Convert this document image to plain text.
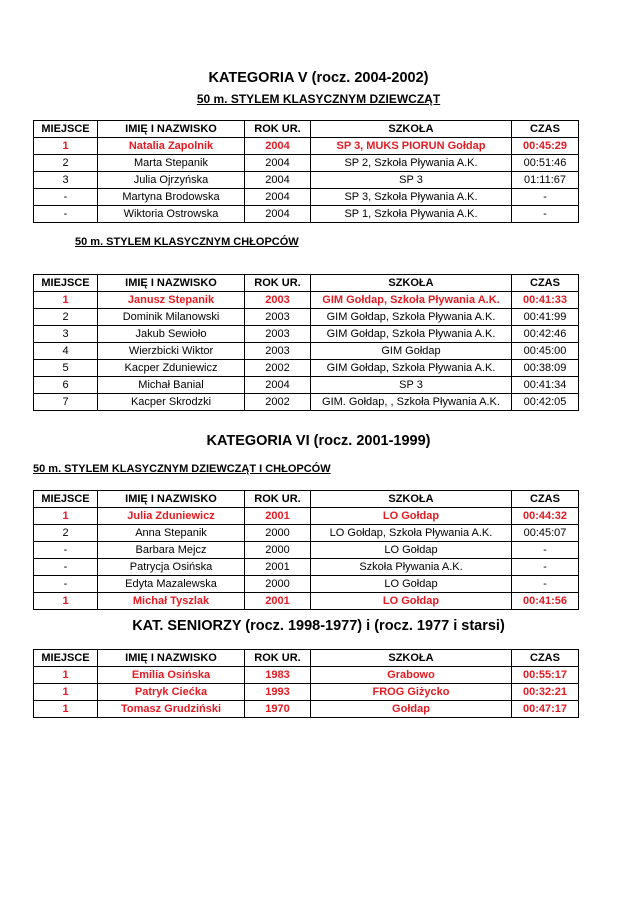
KATEGORIA V (rocz. 2004-2002)
50 m. STYLEM KLASYCZNYM DZIEWCZĄT
MIEJSCE	IMIĘ I NAZWISKO	ROK UR.	SZKOŁA	CZAS
1	Natalia Zapolnik	2004	SP 3, MUKS PIORUN Gołdap	00:45:29
2	Marta Stepanik	2004	SP 2, Szkoła Pływania A.K.	00:51:46
3	Julia Ojrzyńska	2004	SP 3	01:11:67
-	Martyna Brodowska	2004	SP 3, Szkoła Pływania A.K.	-
-	Wiktoria Ostrowska	2004	SP 1, Szkoła Pływania A.K.	-
50 m. STYLEM KLASYCZNYM CHŁOPCÓW
MIEJSCE	IMIĘ I NAZWISKO	ROK UR.	SZKOŁA	CZAS
1	Janusz Stepanik	2003	GIM Gołdap, Szkoła Pływania A.K.	00:41:33
2	Dominik Milanowski	2003	GIM Gołdap, Szkoła Pływania A.K.	00:41:99
3	Jakub Sewioło	2003	GIM Gołdap, Szkoła Pływania A.K.	00:42:46
4	Wierzbicki Wiktor	2003	GIM Gołdap	00:45:00
5	Kacper Zduniewicz	2002	GIM Gołdap, Szkoła Pływania A.K.	00:38:09
6	Michał Banial	2004	SP 3	00:41:34
7	Kacper Skrodzki	2002	GIM. Gołdap, , Szkoła Pływania A.K.	00:42:05
KATEGORIA VI (rocz. 2001-1999)
50 m. STYLEM KLASYCZNYM DZIEWCZĄT I CHŁOPCÓW
MIEJSCE	IMIĘ I NAZWISKO	ROK UR.	SZKOŁA	CZAS
1	Julia Zduniewicz	2001	LO Gołdap	00:44:32
2	Anna Stepanik	2000	LO Gołdap, Szkoła Pływania A.K.	00:45:07
-	Barbara Mejcz	2000	LO Gołdap	-
-	Patrycja Osińska	2001	Szkoła Pływania A.K.	-
-	Edyta Mazalewska	2000	LO Gołdap	-
1	Michał Tyszlak	2001	LO Gołdap	00:41:56
KAT. SENIORZY (rocz. 1998-1977) i (rocz. 1977 i starsi)
MIEJSCE	IMIĘ I NAZWISKO	ROK UR.	SZKOŁA	CZAS
1	Emilia Osińska	1983	Grabowo	00:55:17
1	Patryk Ciećka	1993	FROG Giżycko	00:32:21
1	Tomasz Grudziński	1970	Gołdap	00:47:17
